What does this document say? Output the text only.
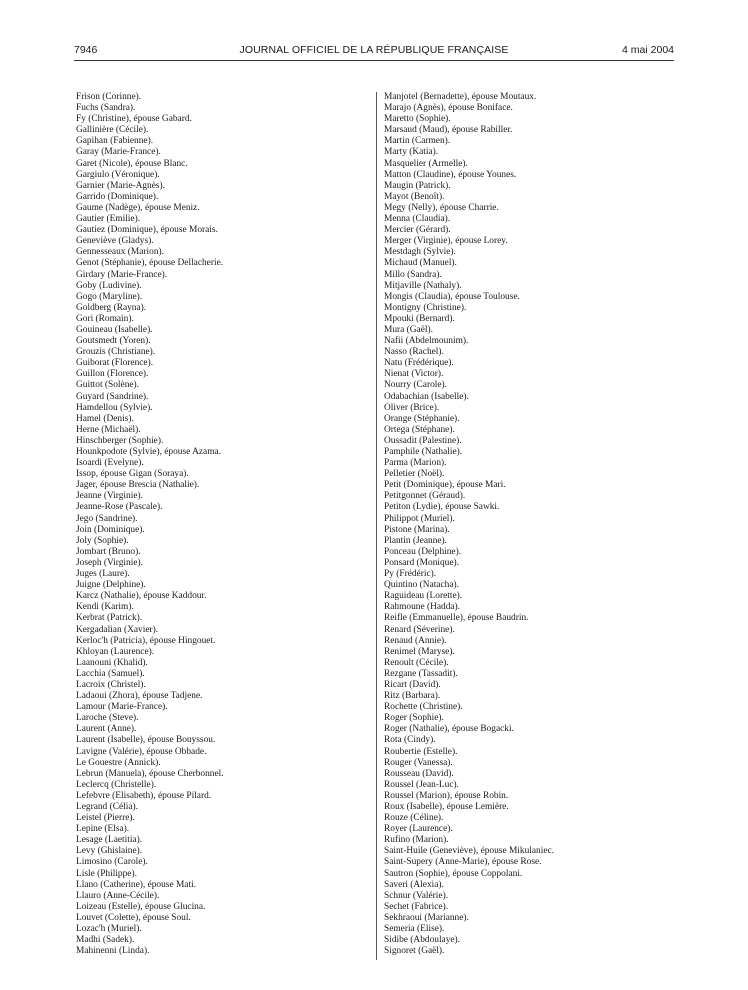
7946	JOURNAL OFFICIEL DE LA RÉPUBLIQUE FRANÇAISE	4 mai 2004
Frison (Corinne).
Fuchs (Sandra).
Fy (Christine), épouse Gabard.
Gallinière (Cécile).
Gapihan (Fabienne).
Garay (Marie-France).
Garet (Nicole), épouse Blanc.
Gargiulo (Véronique).
Garnier (Marie-Agnès).
Garrido (Dominique).
Gaume (Nadège), épouse Meniz.
Gautier (Emilie).
Gautiez (Dominique), épouse Morais.
Geneviève (Gladys).
Gennesseaux (Marion).
Genot (Stéphanie), épouse Dellacherie.
Girdary (Marie-France).
Goby (Ludivine).
Gogo (Maryline).
Goldberg (Rayna).
Gori (Romain).
Gouineau (Isabelle).
Goutsmedt (Yoren).
Grouzis (Christiane).
Guiborat (Florence).
Guillon (Florence).
Guittot (Solène).
Guyard (Sandrine).
Hamdellou (Sylvie).
Hamel (Denis).
Herne (Michaël).
Hinschberger (Sophie).
Hounkpodote (Sylvie), épouse Azama.
Isoardi (Evelyne).
Issop, épouse Gigan (Soraya).
Jager, épouse Brescia (Nathalie).
Jeanne (Virginie).
Jeanne-Rose (Pascale).
Jego (Sandrine).
Join (Dominique).
Joly (Sophie).
Jombart (Bruno).
Joseph (Virginie).
Juges (Laure).
Juigne (Delphine).
Karcz (Nathalie), épouse Kaddour.
Kendi (Karim).
Kerbrat (Patrick).
Kergadalian (Xavier).
Kerloc'h (Patricia), épouse Hingouet.
Khloyan (Laurence).
Laanouni (Khalid).
Lacchia (Samuel).
Lacroix (Christel).
Ladaoui (Zhora), épouse Tadjene.
Lamour (Marie-France).
Laroche (Steve).
Laurent (Anne).
Laurent (Isabelle), épouse Bouyssou.
Lavigne (Valérie), épouse Obbade.
Le Gouestre (Annick).
Lebrun (Manuela), épouse Cherbonnel.
Leclercq (Christelle).
Lefebvre (Elisabeth), épouse Pilard.
Legrand (Célia).
Leistel (Pierre).
Lepine (Elsa).
Lesage (Laetitia).
Levy (Ghislaine).
Limosino (Carole).
Lisle (Philippe).
Llano (Catherine), épouse Mati.
Llauro (Anne-Cécile).
Loizeau (Estelle), épouse Glucina.
Louvet (Colette), épouse Soul.
Lozac'h (Muriel).
Madhi (Sadek).
Mahinenni (Linda).
Manjotel (Bernadette), épouse Moutaux.
Marajo (Agnès), épouse Boniface.
Maretto (Sophie).
Marsaud (Maud), épouse Rabiller.
Martin (Carmen).
Marty (Katia).
Masquelier (Armelle).
Matton (Claudine), épouse Younes.
Maugin (Patrick).
Mayot (Benoît).
Megy (Nelly), épouse Charrie.
Menna (Claudia).
Mercier (Gérard).
Merger (Virginie), épouse Lorey.
Mestdagh (Sylvie).
Michaud (Manuel).
Millo (Sandra).
Mitjaville (Nathaly).
Mongis (Claudia), épouse Toulouse.
Montigny (Christine).
Mpouki (Bernard).
Mura (Gaël).
Nafii (Abdelmounim).
Nasso (Rachel).
Natu (Frédérique).
Nienat (Victor).
Nourry (Carole).
Odabachian (Isabelle).
Oliver (Brice).
Orange (Stéphanie).
Ortega (Stéphane).
Oussadit (Palestine).
Pamphile (Nathalie).
Parma (Marion).
Pelletier (Noël).
Petit (Dominique), épouse Mari.
Petitgonnet (Géraud).
Petiton (Lydie), épouse Sawki.
Philippot (Muriel).
Pistone (Marina).
Plantin (Jeanne).
Ponceau (Delphine).
Ponsard (Monique).
Py (Frédéric).
Quintino (Natacha).
Raguideau (Lorette).
Rahmoune (Hadda).
Reifle (Emmanuelle), épouse Baudrin.
Renard (Séverine).
Renaud (Annie).
Renimel (Maryse).
Renoult (Cécile).
Rezgane (Tassadit).
Ricart (David).
Ritz (Barbara).
Rochette (Christine).
Roger (Sophie).
Roger (Nathalie), épouse Bogacki.
Rota (Cindy).
Roubertie (Estelle).
Rouger (Vanessa).
Rousseau (David).
Roussel (Jean-Luc).
Roussel (Marion), épouse Robin.
Roux (Isabelle), épouse Lemière.
Rouze (Céline).
Royer (Laurence).
Rufino (Marion).
Saint-Huile (Geneviève), épouse Mikulaniec.
Saint-Supery (Anne-Marie), épouse Rose.
Sautron (Sophie), épouse Coppolani.
Saveri (Alexia).
Schnur (Valérie).
Sechet (Fabrice).
Sekhraoui (Marianne).
Semeria (Elise).
Sidibe (Abdoulaye).
Signoret (Gaël).
